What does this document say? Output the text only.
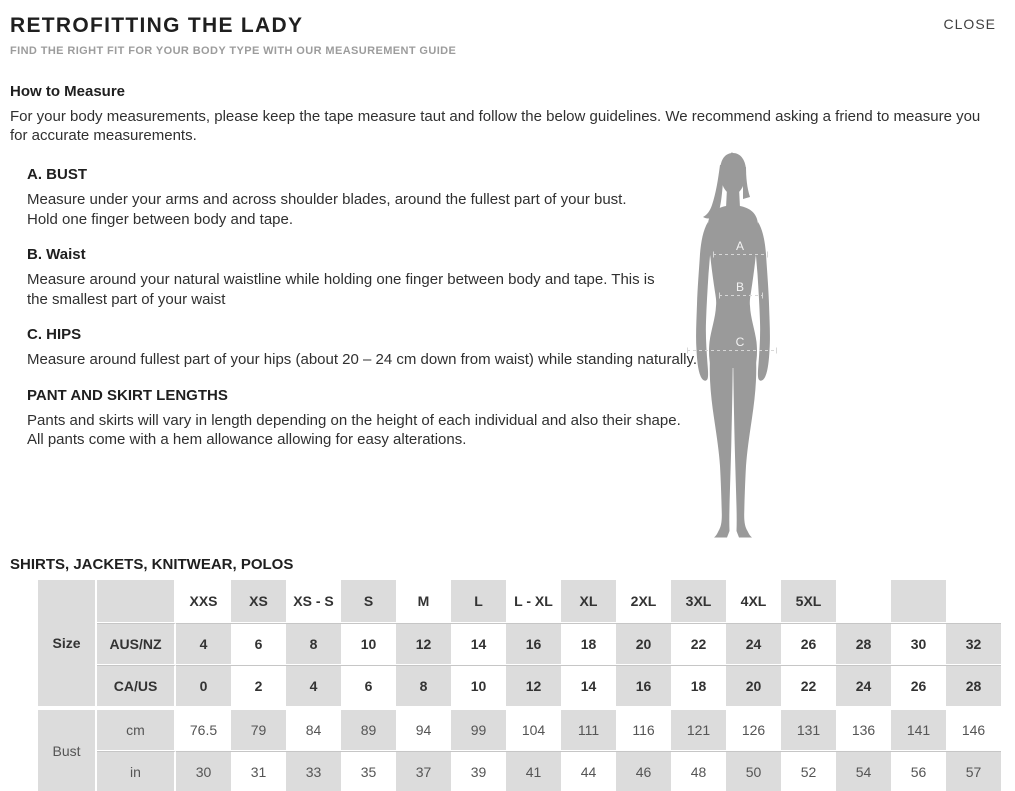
RETROFITTING THE LADY
FIND THE RIGHT FIT FOR YOUR BODY TYPE WITH OUR MEASUREMENT GUIDE
CLOSE
How to Measure

For your body measurements, please keep the tape measure taut and follow the below guidelines. We recommend asking a friend to measure you for accurate measurements.

A. BUST

Measure under your arms and across shoulder blades, around the fullest part of your bust. Hold one finger between body and tape.

B. Waist

Measure around your natural waistline while holding one finger between body and tape. This is the smallest part of your waist

C. HIPS

Measure around fullest part of your hips (about 20 – 24 cm down from waist) while standing naturally.

PANT AND SKIRT LENGTHS

Pants and skirts will vary in length depending on the height of each individual and also their shape. All pants come with a hem allowance allowing for easy alterations.

A
B
C
SHIRTS, JACKETS, KNITWEAR, POLOS
Size		XXS	XS	XS - S	S	M	L	L - XL	XL	2XL	3XL	4XL	5XL			
	AUS/NZ	4	6	8	10	12	14	16	18	20	22	24	26	28	30	32
	CA/US	0	2	4	6	8	10	12	14	16	18	20	22	24	26	28
Bust	cm	76.5	79	84	89	94	99	104	111	116	121	126	131	136	141	146
	in	30	31	33	35	37	39	41	44	46	48	50	52	54	56	57
